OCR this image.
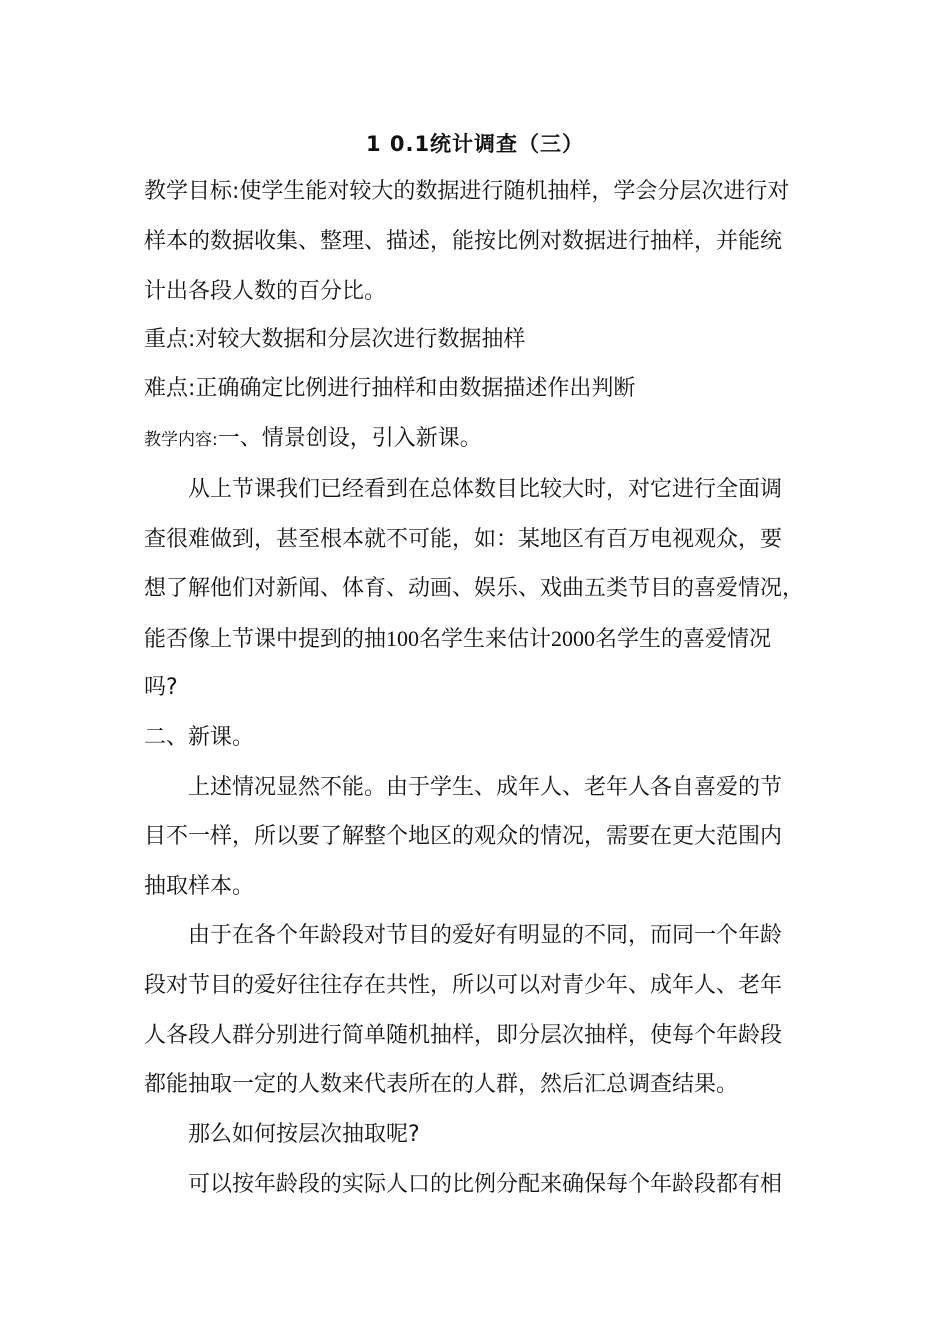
1 0.1统计调查（三）
教学目标:使学生能对较大的数据进行随机抽样，学会分层次进行对
样本的数据收集、整理、描述，能按比例对数据进行抽样，并能统
计出各段人数的百分比。
重点:对较大数据和分层次进行数据抽样
难点:正确确定比例进行抽样和由数据描述作出判断
教学内容:一、情景创设，引入新课。
从上节课我们已经看到在总体数目比较大时，对它进行全面调
查很难做到，甚至根本就不可能，如：某地区有百万电视观众，要
想了解他们对新闻、体育、动画、娱乐、戏曲五类节目的喜爱情况，
能否像上节课中提到的抽100名学生来估计2000名学生的喜爱情况
吗?
二、新课。
上述情况显然不能。由于学生、成年人、老年人各自喜爱的节
目不一样，所以要了解整个地区的观众的情况，需要在更大范围内
抽取样本。
由于在各个年龄段对节目的爱好有明显的不同，而同一个年龄
段对节目的爱好往往存在共性，所以可以对青少年、成年人、老年
人各段人群分别进行简单随机抽样，即分层次抽样，使每个年龄段
都能抽取一定的人数来代表所在的人群，然后汇总调查结果。
那么如何按层次抽取呢?
可以按年龄段的实际人口的比例分配来确保每个年龄段都有相
